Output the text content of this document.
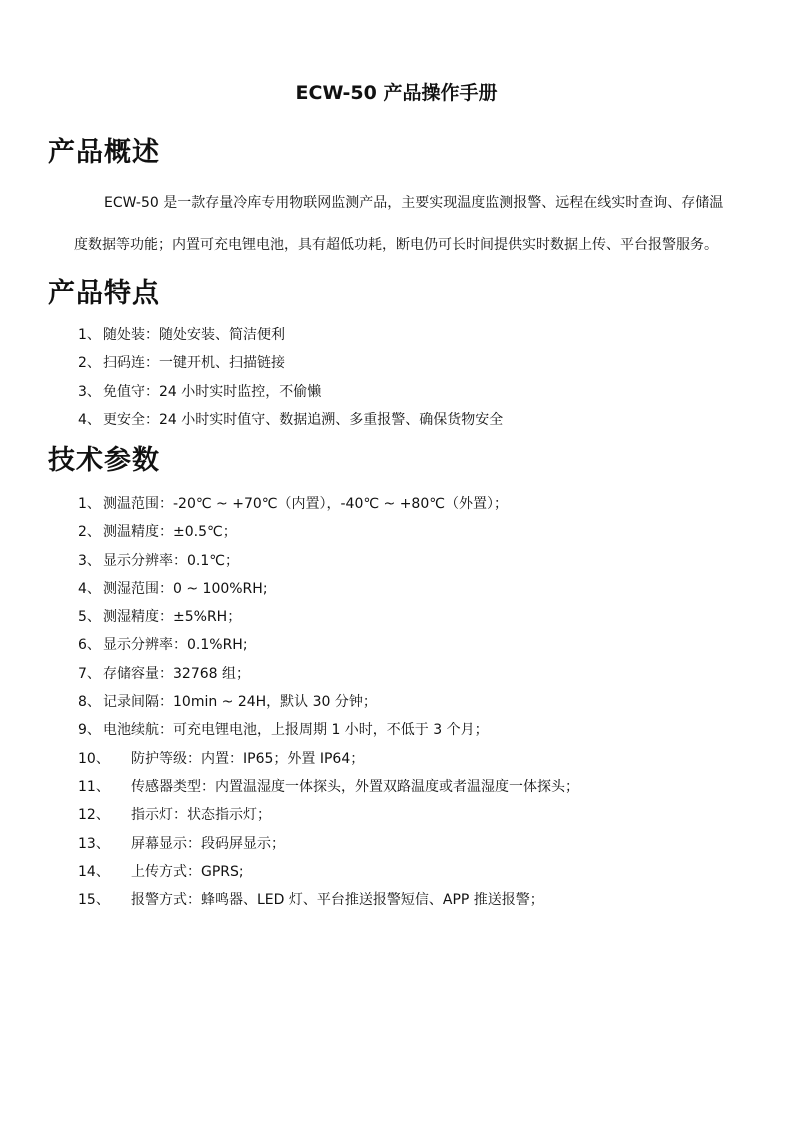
ECW-50 产品操作手册
产品概述
ECW-50 是一款存量冷库专用物联网监测产品，主要实现温度监测报警、远程在线实时查询、存储温
度数据等功能；内置可充电锂电池，具有超低功耗，断电仍可长时间提供实时数据上传、平台报警服务。
产品特点
1、 随处装：随处安装、简洁便利
2、 扫码连：一键开机、扫描链接
3、 免值守：24 小时实时监控，不偷懒
4、 更安全：24 小时实时值守、数据追溯、多重报警、确保货物安全
技术参数
1、 测温范围：-20℃ ~ +70℃（内置），-40℃ ~ +80℃（外置）；
2、 测温精度：±0.5℃；
3、 显示分辨率：0.1℃；
4、 测湿范围：0 ~ 100%RH;
5、 测湿精度：±5%RH；
6、 显示分辨率：0.1%RH;
7、 存储容量：32768 组；
8、 记录间隔：10min ~ 24H，默认 30 分钟；
9、 电池续航：可充电锂电池，上报周期 1 小时，不低于 3 个月；
10、 防护等级：内置：IP65；外置 IP64；
11、 传感器类型：内置温湿度一体探头，外置双路温度或者温湿度一体探头；
12、 指示灯：状态指示灯；
13、 屏幕显示：段码屏显示；
14、 上传方式：GPRS;
15、 报警方式：蜂鸣器、LED 灯、平台推送报警短信、APP 推送报警；
